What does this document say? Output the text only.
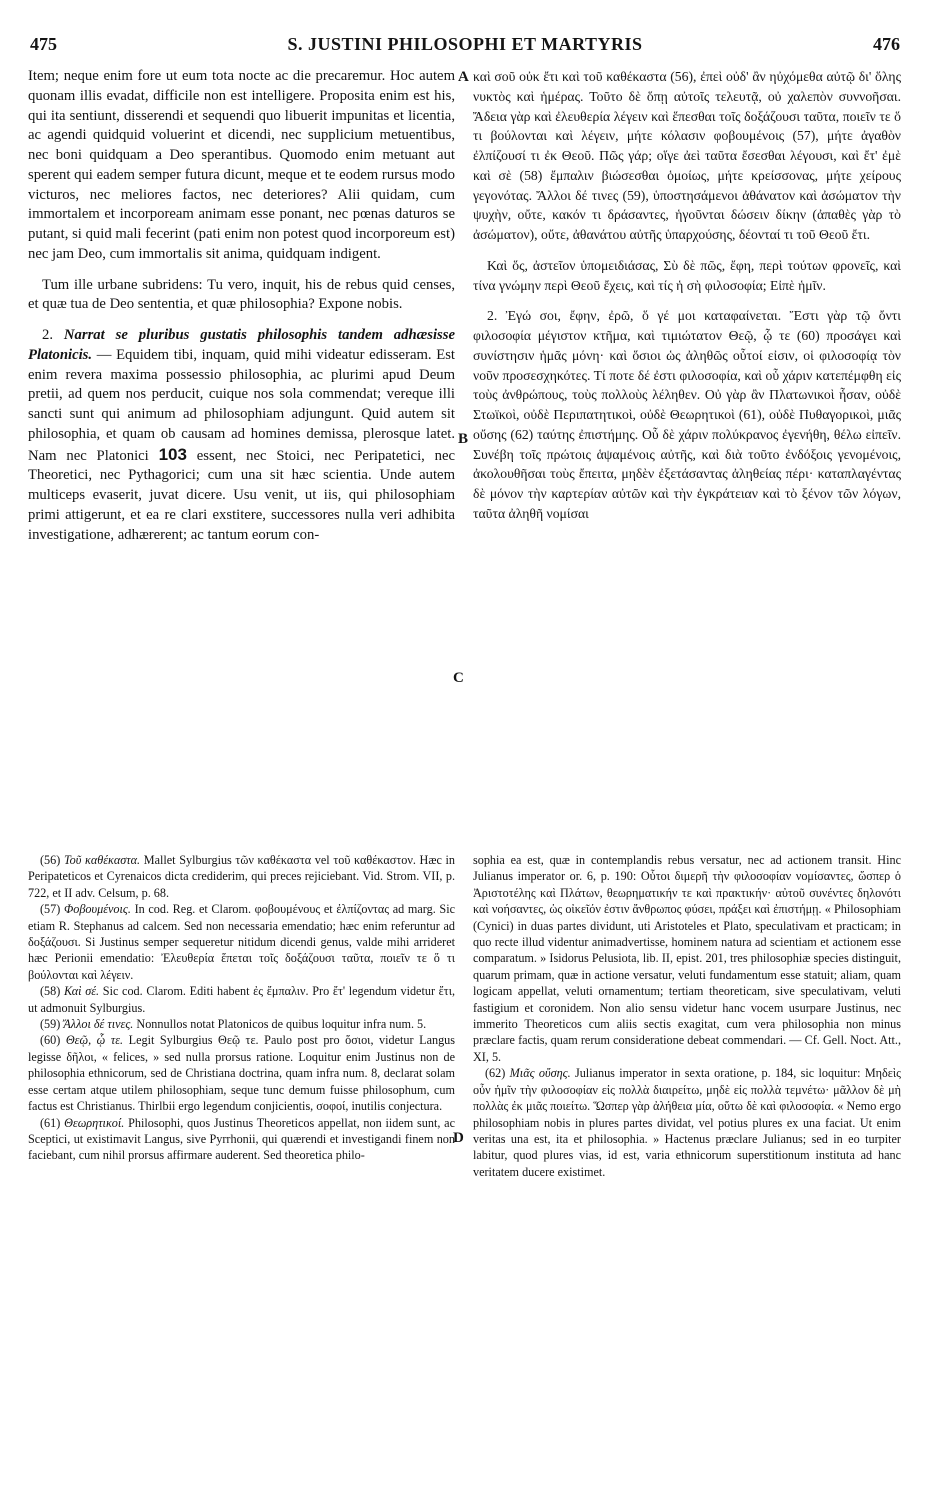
475	S. JUSTINI PHILOSOPHI ET MARTYRIS	476
A
B
C
D

Item; neque enim fore ut eum tota nocte ac die precaremur. Hoc autem quonam illis evadat, difficile non est intelligere. Proposita enim est his, qui ita sentiunt, disserendi et sequendi quo libuerit impunitas et licentia, ac agendi quidquid voluerint et dicendi, nec supplicium metuentibus, nec boni quidquam a Deo sperantibus. Quomodo enim metuant aut sperent qui eadem semper futura dicunt, meque et te eodem rursus modo victuros, nec meliores factos, nec deteriores? Alii quidam, cum immortalem et incorpoream animam esse ponant, nec pœnas daturos se putant, si quid mali fecerint (pati enim non potest quod incorporeum est) nec jam Deo, cum immortalis sit anima, quidquam indigent.

Tum ille urbane subridens: Tu vero, inquit, his de rebus quid censes, et quæ tua de Deo sententia, et quæ philosophia? Expone nobis.

2. Narrat se pluribus gustatis philosophis tandem adhæsisse Platonicis. — Equidem tibi, inquam, quid mihi videatur edisseram. Est enim revera maxima possessio philosophia, ac plurimi apud Deum pretii, ad quem nos perducit, cuique nos sola commendat; vereque illi sancti sunt qui animum ad philosophiam adjungunt. Quid autem sit philosophia, et quam ob causam ad homines demissa, plerosque latet. Nam nec Platonici 103 essent, nec Stoici, nec Peripatetici, nec Theoretici, nec Pythagorici; cum una sit hæc scientia. Unde autem multiceps evaserit, juvat dicere. Usu venit, ut iis, qui philosophiam primi attigerunt, et ea re clari exstitere, successores nulla veri adhibita investigatione, adhærerent; ac tantum eorum con-

καὶ σοῦ οὐκ ἔτι καὶ τοῦ καθέκαστα (56), ἐπεὶ οὐδ' ἂν ηὐχόμεθα αὐτῷ δι' ὅλης νυκτὸς καὶ ἡμέρας. Τοῦτο δὲ ὅπῃ αὐτοῖς τελευτᾷ, οὐ χαλεπὸν συννοῆσαι. Ἄδεια γὰρ καὶ ἐλευθερία λέγειν καὶ ἕπεσθαι τοῖς δοξάζουσι ταῦτα, ποιεῖν τε ὅ τι βούλονται καὶ λέγειν, μήτε κόλασιν φοβουμένοις (57), μήτε ἀγαθὸν ἐλπίζουσί τι ἐκ Θεοῦ. Πῶς γάρ; οἵγε ἀεὶ ταῦτα ἔσεσθαι λέγουσι, καὶ ἔτ' ἐμὲ καὶ σὲ (58) ἔμπαλιν βιώσεσθαι ὁμοίως, μήτε κρείσσονας, μήτε χείρους γεγονότας. Ἄλλοι δέ τινες (59), ὑποστησάμενοι ἀθάνατον καὶ ἀσώματον τὴν ψυχὴν, οὔτε, κακόν τι δράσαντες, ἡγοῦνται δώσειν δίκην (ἀπαθὲς γὰρ τὸ ἀσώματον), οὔτε, ἀθανάτου αὐτῆς ὑπαρχούσης, δέονταί τι τοῦ Θεοῦ ἔτι.

Καὶ ὅς, ἀστεῖον ὑπομειδιάσας, Σὺ δὲ πῶς, ἔφη, περὶ τούτων φρονεῖς, καὶ τίνα γνώμην περὶ Θεοῦ ἔχεις, καὶ τίς ἡ σὴ φιλοσοφία; Εἰπὲ ἡμῖν.

2. Ἐγώ σοι, ἔφην, ἐρῶ, ὅ γέ μοι καταφαίνεται. Ἔστι γὰρ τῷ ὄντι φιλοσοφία μέγιστον κτῆμα, καὶ τιμιώτατον Θεῷ, ᾧ τε (60) προσάγει καὶ συνίστησιν ἡμᾶς μόνη· καὶ ὅσιοι ὡς ἀληθῶς οὗτοί εἰσιν, οἱ φιλοσοφίᾳ τὸν νοῦν προσεσχηκότες. Τί ποτε δέ ἐστι φιλοσοφία, καὶ οὗ χάριν κατεπέμφθη εἰς τοὺς ἀνθρώπους, τοὺς πολλοὺς λέληθεν. Οὐ γὰρ ἂν Πλατωνικοὶ ἦσαν, οὐδὲ Στωϊκοὶ, οὐδὲ Περιπατητικοὶ, οὐδὲ Θεωρητικοὶ (61), οὐδὲ Πυθαγορικοὶ, μιᾶς οὔσης (62) ταύτης ἐπιστήμης. Οὗ δὲ χάριν πολύκρανος ἐγενήθη, θέλω εἰπεῖν. Συνέβη τοῖς πρώτοις ἁψαμένοις αὐτῆς, καὶ διὰ τοῦτο ἐνδόξοις γενομένοις, ἀκολουθῆσαι τοὺς ἔπειτα, μηδὲν ἐξετάσαντας ἀληθείας πέρι· καταπλαγέντας δὲ μόνον τὴν καρτερίαν αὐτῶν καὶ τὴν ἐγκράτειαν καὶ τὸ ξένον τῶν λόγων, ταῦτα ἀληθῆ νομίσαι

(56) Τοῦ καθέκαστα. Mallet Sylburgius τῶν καθέκαστα vel τοῦ καθέκαστον. Hæc in Peripateticos et Cyrenaicos dicta crediderim, qui preces rejiciebant. Vid. Strom. VII, p. 722, et II adv. Celsum, p. 68.

(57) Φοβουμένοις. In cod. Reg. et Clarom. φοβουμένους et ἐλπίζοντας ad marg. Sic etiam R. Stephanus ad calcem. Sed non necessaria emendatio; hæc enim referuntur ad δοξάζουσι. Si Justinus semper sequeretur nitidum dicendi genus, valde mihi arrideret hæc Perionii emendatio: Ἐλευθερία ἕπεται τοῖς δοξάζουσι ταῦτα, ποιεῖν τε ὅ τι βούλονται καὶ λέγειν.

(58) Καὶ σέ. Sic cod. Clarom. Editi habent ἐς ἔμπαλιν. Pro ἔτ' legendum videtur ἔτι, ut admonuit Sylburgius.

(59) Ἄλλοι δέ τινες. Nonnullos notat Platonicos de quibus loquitur infra num. 5.

(60) Θεῷ, ᾧ τε. Legit Sylburgius Θεῷ τε. Paulo post pro ὅσιοι, videtur Langus legisse δῆλοι, « felices, » sed nulla prorsus ratione. Loquitur enim Justinus non de philosophia ethnicorum, sed de Christiana doctrina, quam infra num. 8, declarat solam esse certam atque utilem philosophiam, seque tunc demum fuisse philosophum, cum factus est Christianus. Thirlbii ergo legendum conjicientis, σοφοί, inutilis conjectura.

(61) Θεωρητικοί. Philosophi, quos Justinus Theoreticos appellat, non iidem sunt, ac Sceptici, ut existimavit Langus, sive Pyrrhonii, qui quærendi et investigandi finem non faciebant, cum nihil prorsus affirmare auderent. Sed theoretica philo-

sophia ea est, quæ in contemplandis rebus versatur, nec ad actionem transit. Hinc Julianus imperator or. 6, p. 190: Οὗτοι διμερῆ τὴν φιλοσοφίαν νομίσαντες, ὥσπερ ὁ Ἀριστοτέλης καὶ Πλάτων, θεωρηματικήν τε καὶ πρακτικήν· αὐτοῦ συνέντες δηλονότι καὶ νοήσαντες, ὡς οἰκεῖόν ἐστιν ἄνθρωπος φύσει, πράξει καὶ ἐπιστήμῃ. « Philosophiam (Cynici) in duas partes dividunt, uti Aristoteles et Plato, speculativam et practicam; in quo recte illud videntur animadvertisse, hominem natura ad scientiam et actionem esse comparatum. » Isidorus Pelusiota, lib. II, epist. 201, tres philosophiæ species distinguit, quarum primam, quæ in actione versatur, veluti fundamentum esse statuit; aliam, quam logicam appellat, veluti ornamentum; tertiam theoreticam, sive speculativam, veluti fastigium et coronidem. Non alio sensu videtur hanc vocem usurpare Justinus, nec immerito Theoreticos cum aliis sectis exagitat, cum vera philosophia non minus præclare factis, quam rerum consideratione debeat commendari. — Cf. Gell. Noct. Att., XI, 5.

(62) Μιᾶς οὔσης. Julianus imperator in sexta oratione, p. 184, sic loquitur: Μηδεὶς οὖν ἡμῖν τὴν φιλοσοφίαν εἰς πολλὰ διαιρείτω, μηδὲ εἰς πολλὰ τεμνέτω· μᾶλλον δὲ μὴ πολλὰς ἐκ μιᾶς ποιείτω. Ὥσπερ γὰρ ἀλήθεια μία, οὕτω δὲ καὶ φιλοσοφία. « Nemo ergo philosophiam nobis in plures partes dividat, vel potius plures ex una faciat. Ut enim veritas una est, ita et philosophia. » Hactenus præclare Julianus; sed in eo turpiter labitur, quod plures vias, id est, varia ethnicorum superstitionum instituta ad hanc veritatem ducere existimet.
